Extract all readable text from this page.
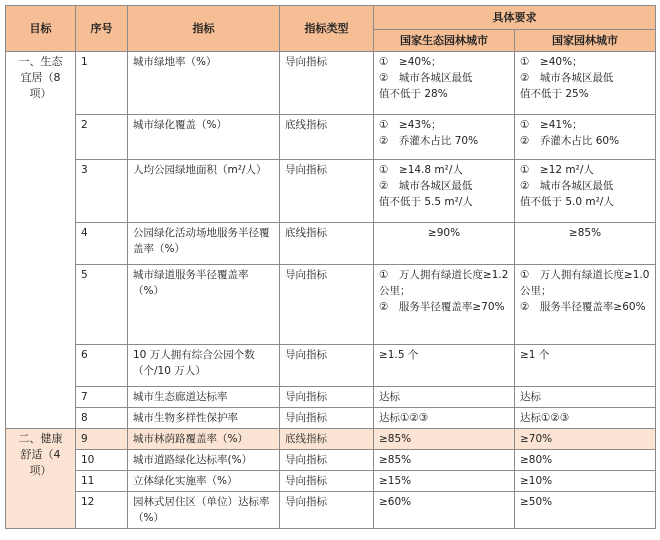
目标	序号	指标	指标类型	具体要求	
				国家生态园林城市	国家园林城市
一、生态
宜居（8
项）	1	城市绿地率（%）	导向指标	①　≥40%；
②　城市各城区最低
值不低于 28%	①　≥40%；
②　城市各城区最低
值不低于 25%
	2	城市绿化覆盖（%）	底线指标	①　≥43%；
②　乔灌木占比 70%	①　≥41%；
②　乔灌木占比 60%
	3	人均公园绿地面积（m²/人）	导向指标	①　≥14.8 m²/人
②　城市各城区最低
值不低于 5.5 m²/人	①　≥12 m²/人
②　城市各城区最低
值不低于 5.0 m²/人
	4	公园绿化活动场地服务半径覆盖率（%）	底线指标	≥90%	≥85%
	5	城市绿道服务半径覆盖率（%）	导向指标	①　万人拥有绿道长度≥1.2 公里；
②　服务半径覆盖率≥70%	①　万人拥有绿道长度≥1.0 公里；
②　服务半径覆盖率≥60%
	6	10 万人拥有综合公园个数（个/10 万人）	导向指标	≥1.5 个	≥1 个
	7	城市生态廊道达标率	导向指标	达标	达标
	8	城市生物多样性保护率	导向指标	达标①②③	达标①②③
二、健康
舒适（4
项）	9	城市林荫路覆盖率（%）	底线指标	≥85%	≥70%
	10	城市道路绿化达标率(%）	导向指标	≥85%	≥80%
	11	立体绿化实施率（%）	导向指标	≥15%	≥10%
	12	园林式居住区（单位）达标率（%）	导向指标	≥60%	≥50%
